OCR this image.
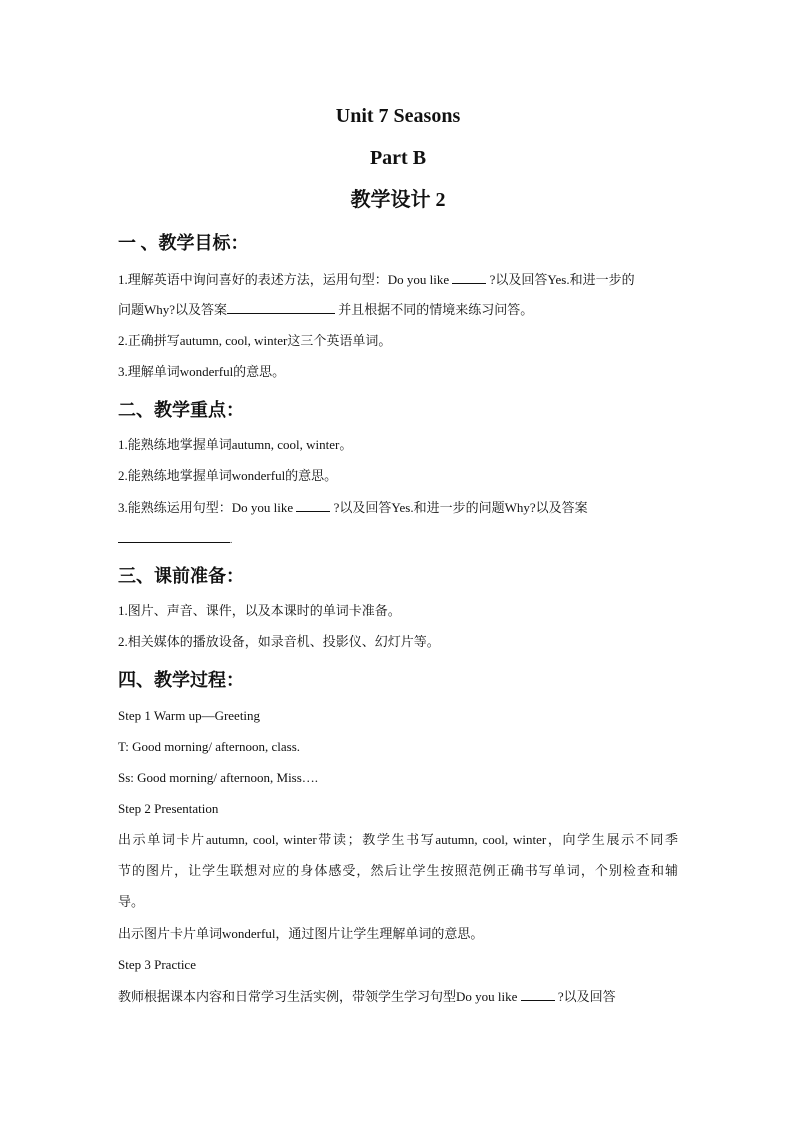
Unit 7 Seasons
Part B
教学设计 2
一 、教学目标：
1.理解英语中询问喜好的表述方法，运用句型：Do you like	?以及回答Yes.和进一步的
问题Why?以及答案	并且根据不同的情境来练习问答。
2.正确拼写autumn, cool, winter这三个英语单词。
3.理解单词wonderful的意思。
二、教学重点：
1.能熟练地掌握单词autumn, cool, winter。
2.能熟练地掌握单词wonderful的意思。
3.能熟练运用句型：Do you like	?以及回答Yes.和进一步的问题Why?以及答案
.
三、课前准备：
1.图片、声音、课件，以及本课时的单词卡准备。
2.相关媒体的播放设备，如录音机、投影仪、幻灯片等。
四、教学过程：
Step 1 Warm up—Greeting
T: Good morning/ afternoon, class.
Ss: Good morning/ afternoon, Miss….
Step 2 Presentation
出示单词卡片autumn, cool, winter带读；教学生书写autumn, cool, winter，向学生展示不同季
节的图片，让学生联想对应的身体感受，然后让学生按照范例正确书写单词，个别检查和辅
导。
出示图片卡片单词wonderful，通过图片让学生理解单词的意思。
Step 3 Practice
教师根据课本内容和日常学习生活实例，带领学生学习句型Do you like	?以及回答
